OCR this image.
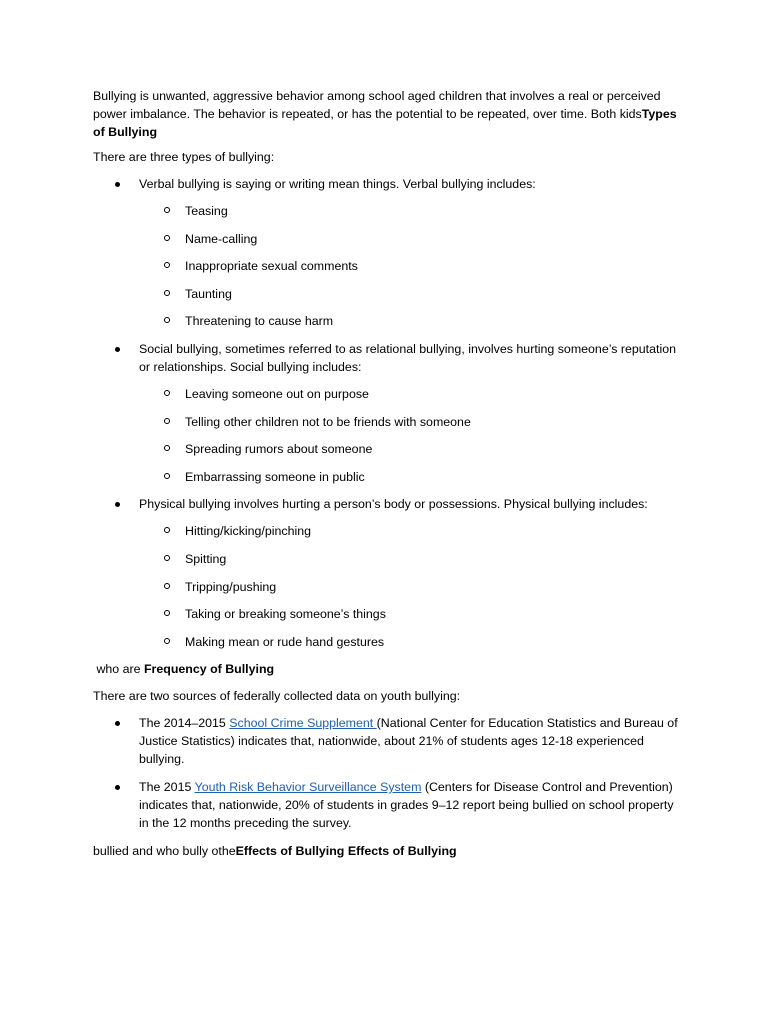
Bullying is unwanted, aggressive behavior among school aged children that involves a real or perceived power imbalance. The behavior is repeated, or has the potential to be repeated, over time. Both kidsTypes of Bullying

There are three types of bullying:

Verbal bullying is saying or writing mean things. Verbal bullying includes:
Teasing
Name-calling
Inappropriate sexual comments
Taunting
Threatening to cause harm
Social bullying, sometimes referred to as relational bullying, involves hurting someone’s reputation or relationships. Social bullying includes:
Leaving someone out on purpose
Telling other children not to be friends with someone
Spreading rumors about someone
Embarrassing someone in public
Physical bullying involves hurting a person’s body or possessions. Physical bullying includes:
Hitting/kicking/pinching
Spitting
Tripping/pushing
Taking or breaking someone’s things
Making mean or rude hand gestures

who are Frequency of Bullying

There are two sources of federally collected data on youth bullying:

The 2014–2015 School Crime Supplement (National Center for Education Statistics and Bureau of Justice Statistics) indicates that, nationwide, about 21% of students ages 12-18 experienced bullying.
The 2015 Youth Risk Behavior Surveillance System (Centers for Disease Control and Prevention) indicates that, nationwide, 20% of students in grades 9–12 report being bullied on school property in the 12 months preceding the survey.

bullied and who bully otheEffects of Bullying Effects of Bullying
